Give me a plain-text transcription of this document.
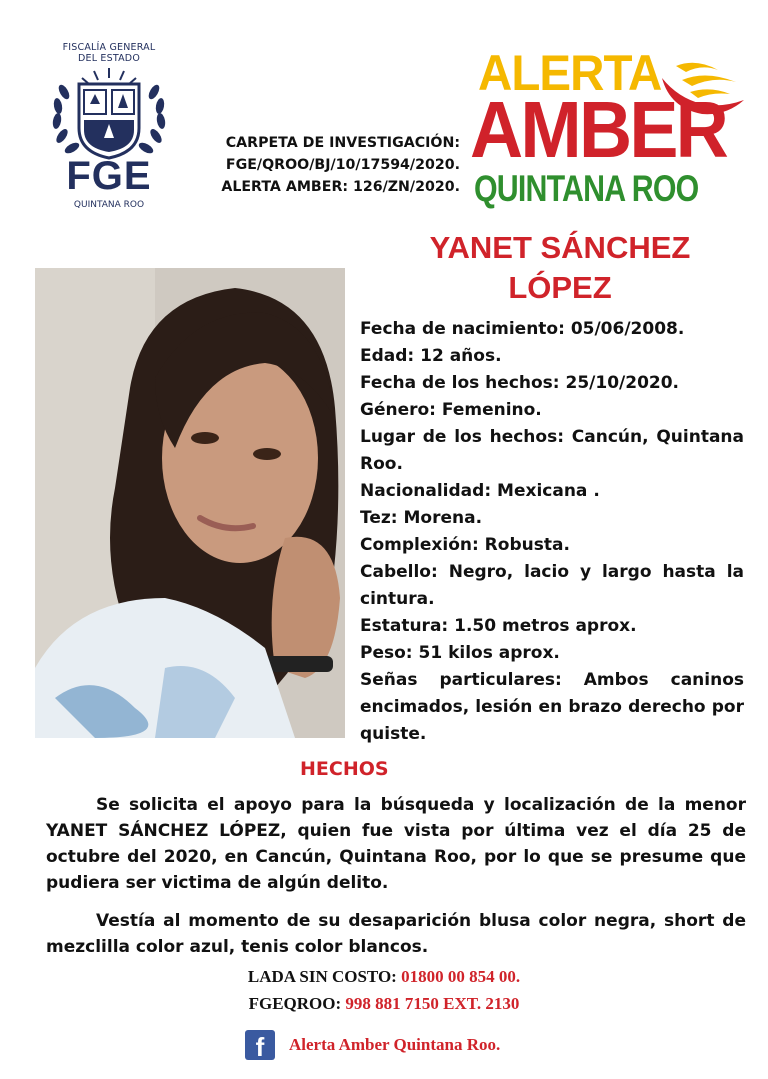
FISCALÍA GENERAL
DEL ESTADO
FGE
QUINTANA ROO
CARPETA DE INVESTIGACIÓN:
FGE/QROO/BJ/10/17594/2020.
ALERTA AMBER: 126/ZN/2020.
ALERTA
AMBER
QUINTANA ROO
YANET SÁNCHEZ
LÓPEZ
Fecha de nacimiento: 05/06/2008.
Edad: 12 años.
Fecha de los hechos: 25/10/2020.
Género: Femenino.
Lugar de los hechos: Cancún, Quintana Roo.
Nacionalidad: Mexicana .
Tez: Morena.
Complexión: Robusta.
Cabello: Negro, lacio y largo hasta la cintura.
Estatura: 1.50 metros aprox.
Peso: 51 kilos aprox.
Señas particulares: Ambos caninos encimados, lesión en brazo derecho por quiste.
HECHOS
Se solicita el apoyo para la búsqueda y localización de la menor YANET SÁNCHEZ LÓPEZ, quien fue vista por última vez el día 25 de octubre del 2020, en Cancún, Quintana Roo, por lo que se presume que pudiera ser victima de algún delito.
Vestía al momento de su desaparición blusa color negra, short de mezclilla color azul, tenis color blancos.
LADA SIN COSTO: 01800 00 854 00.
FGEQROO: 998 881 7150 EXT. 2130
f	Alerta Amber Quintana Roo.
